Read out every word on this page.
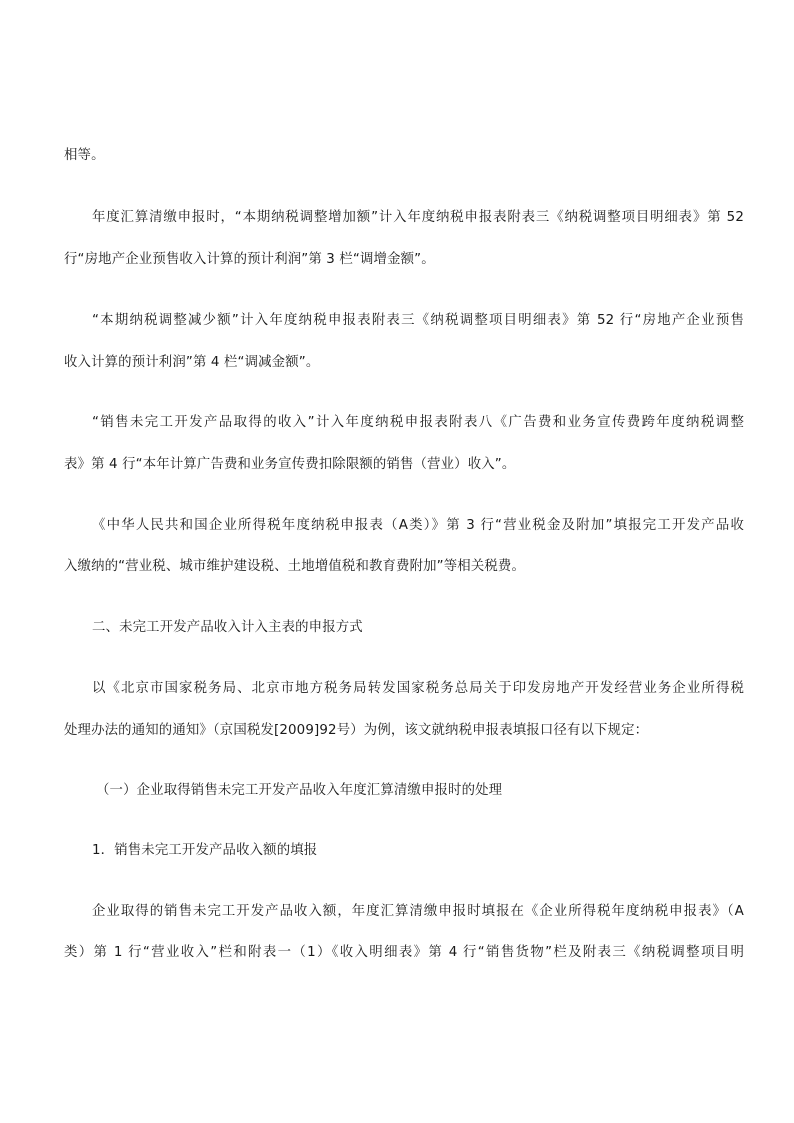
相等。
年度汇算清缴申报时，“本期纳税调整增加额”计入年度纳税申报表附表三《纳税调整项目明细表》第 52
行“房地产企业预售收入计算的预计利润”第 3 栏“调增金额”。
“本期纳税调整减少额”计入年度纳税申报表附表三《纳税调整项目明细表》第 52 行“房地产企业预售
收入计算的预计利润”第 4 栏“调减金额”。
“销售未完工开发产品取得的收入”计入年度纳税申报表附表八《广告费和业务宣传费跨年度纳税调整
表》第 4 行“本年计算广告费和业务宣传费扣除限额的销售（营业）收入”。
《中华人民共和国企业所得税年度纳税申报表（A类）》第 3 行“营业税金及附加”填报完工开发产品收
入缴纳的“营业税、城市维护建设税、土地增值税和教育费附加”等相关税费。
二、未完工开发产品收入计入主表的申报方式
以《北京市国家税务局、北京市地方税务局转发国家税务总局关于印发房地产开发经营业务企业所得税
处理办法的通知的通知》（京国税发[2009]92号）为例，该文就纳税申报表填报口径有以下规定：
（一）企业取得销售未完工开发产品收入年度汇算清缴申报时的处理
1．销售未完工开发产品收入额的填报
企业取得的销售未完工开发产品收入额，年度汇算清缴申报时填报在《企业所得税年度纳税申报表》（A
类）第 1 行“营业收入”栏和附表一（1）《收入明细表》第 4 行“销售货物”栏及附表三《纳税调整项目明
